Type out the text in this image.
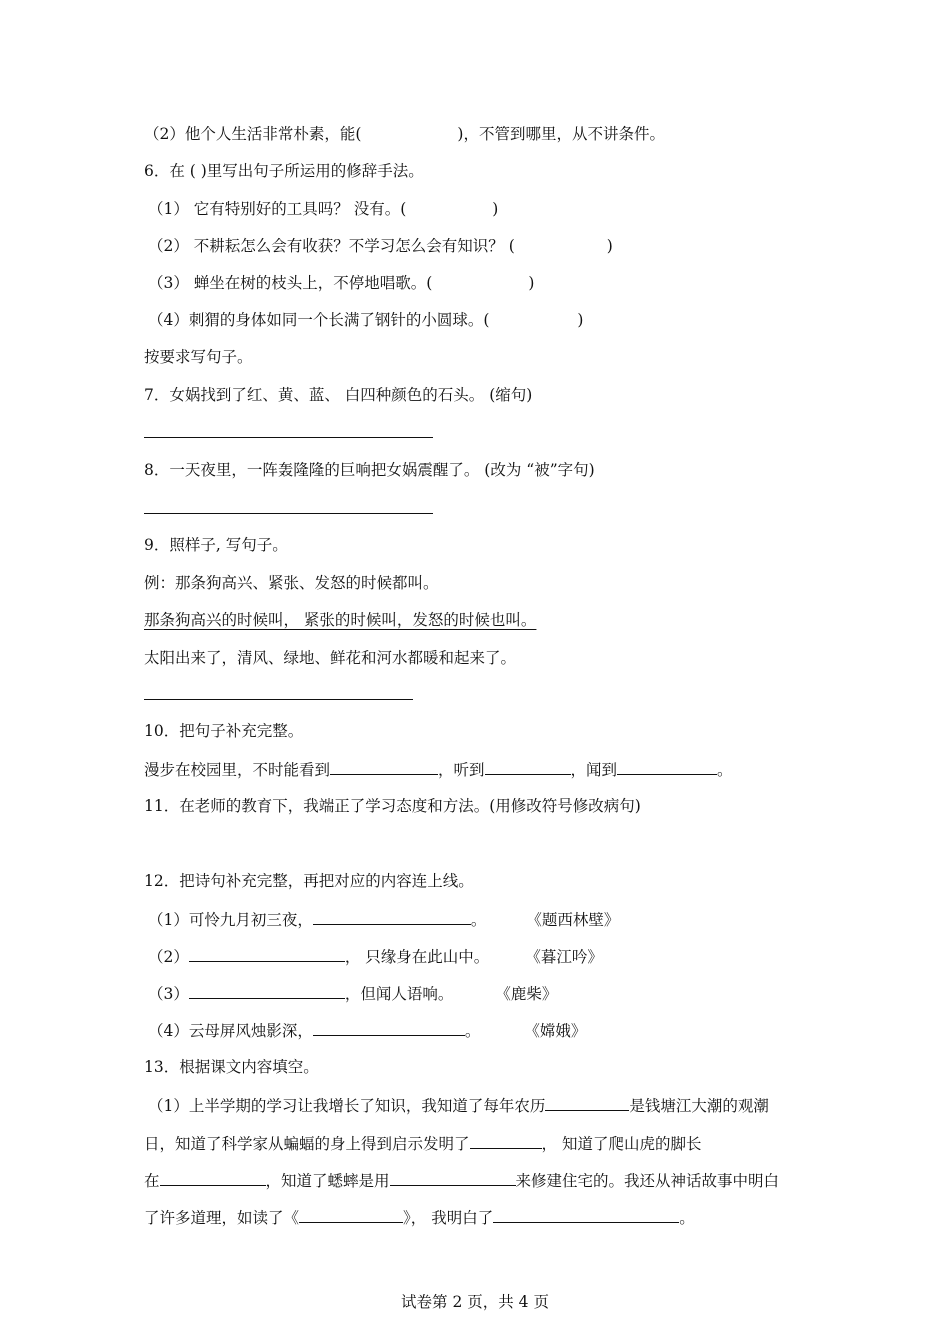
（2）他个人生活非常朴素，能(	)，不管到哪里，从不讲条件。
6．在 ( )里写出句子所运用的修辞手法。
（1） 它有特别好的工具吗？ 没有。(	)
（2） 不耕耘怎么会有收获？不学习怎么会有知识？ (	)
（3） 蝉坐在树的枝头上，不停地唱歌。(	)
（4）刺猬的身体如同一个长满了钢针的小圆球。(	)
按要求写句子。
7．女娲找到了红、黄、蓝、 白四种颜色的石头。 (缩句)
8．一天夜里，一阵轰隆隆的巨响把女娲震醒了。 (改为 “被”字句)
9．照样子, 写句子。
例：那条狗高兴、紧张、发怒的时候都叫。
那条狗高兴的时候叫， 紧张的时候叫，发怒的时候也叫。
太阳出来了，清风、绿地、鲜花和河水都暖和起来了。
10．把句子补充完整。
漫步在校园里，不时能看到	，听到	，闻到	。
11．在老师的教育下，我端正了学习态度和方法。(用修改符号修改病句)
12．把诗句补充完整，再把对应的内容连上线。
（1）可怜九月初三夜，	。	《题西林壁》
（2）	， 只缘身在此山中。 《暮江吟》
（3）	，但闻人语响。	《鹿柴》
（4）云母屏风烛影深，	。	《嫦娥》
13．根据课文内容填空。
（1）上半学期的学习让我增长了知识，我知道了每年农历	是钱塘江大潮的观潮
日，知道了科学家从蝙蝠的身上得到启示发明了	， 知道了爬山虎的脚长
在	，知道了蟋蟀是用	来修建住宅的。我还从神话故事中明白
了许多道理，如读了《	》， 我明白了	。
试卷第 2 页，共 4 页
